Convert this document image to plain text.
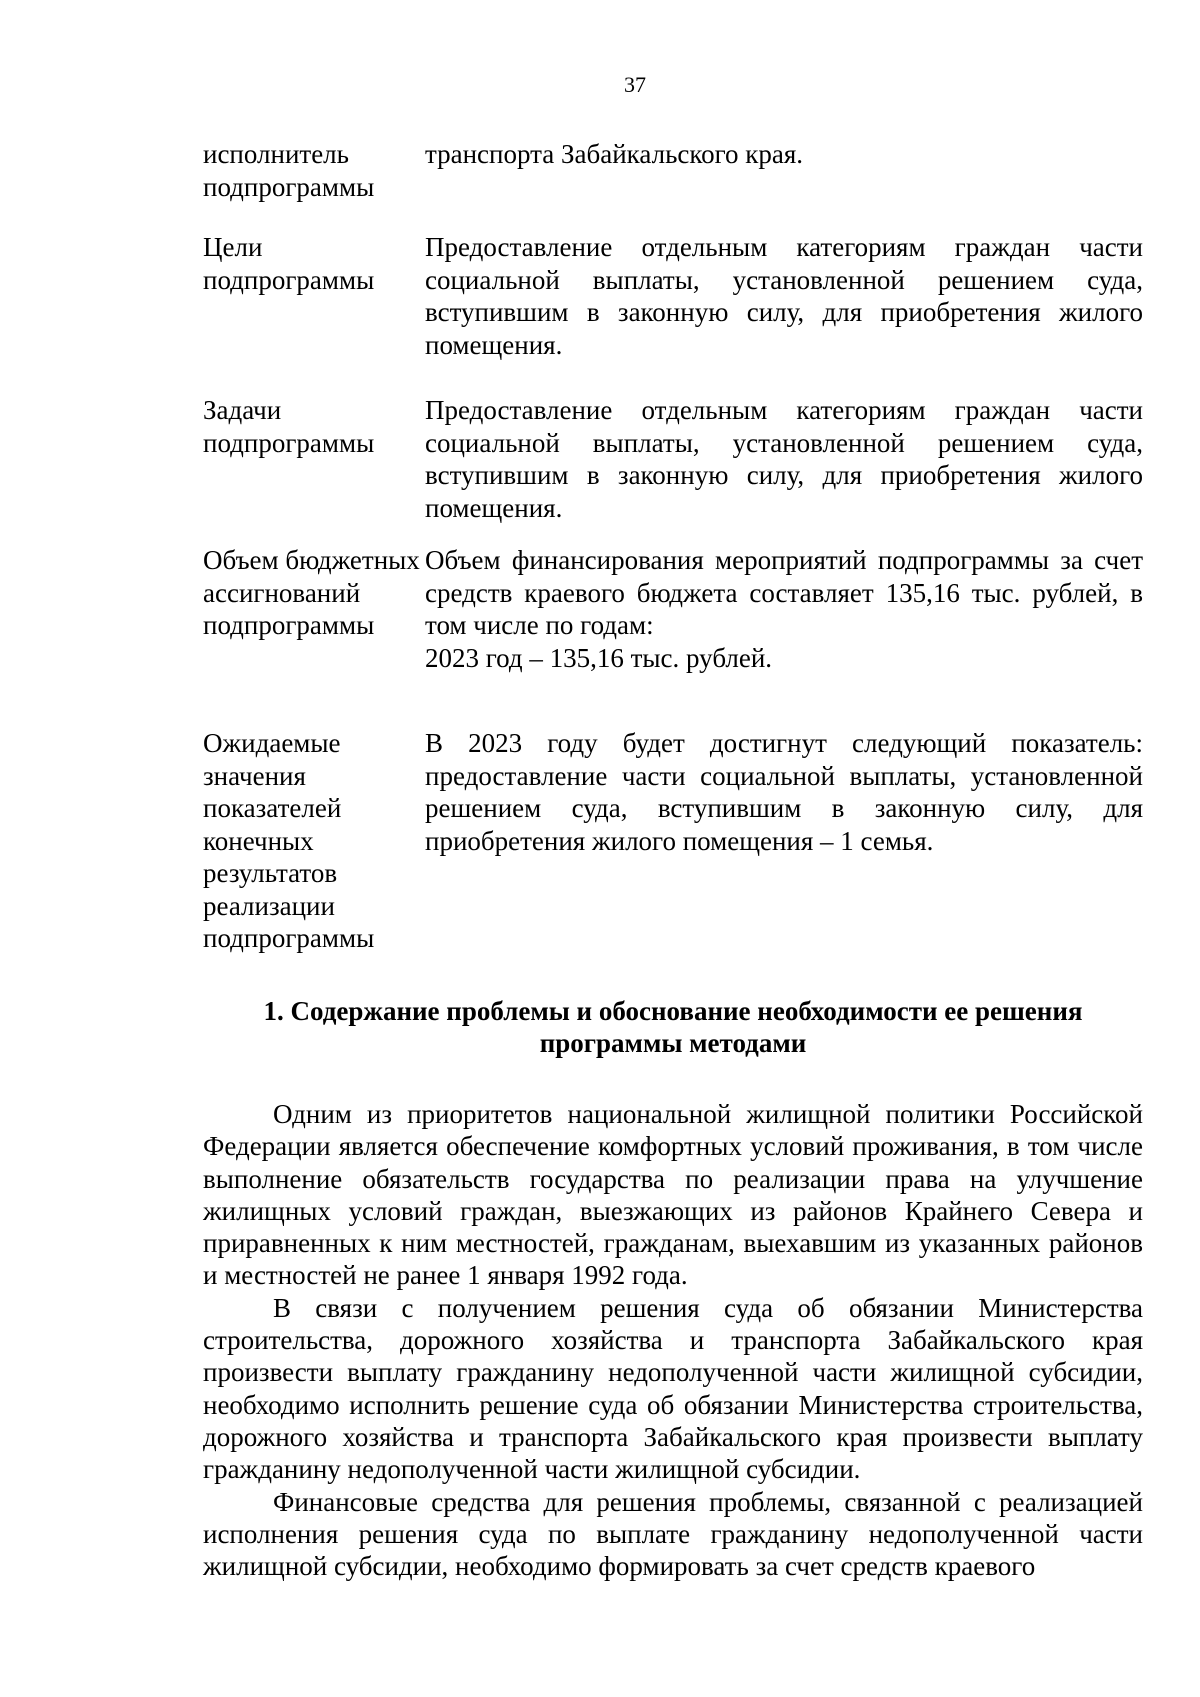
37
исполнитель подпрограммы
транспорта Забайкальского края.
Цели подпрограммы
Предоставление отдельным категориям граждан части социальной выплаты, установленной решением суда, вступившим в законную силу, для приобретения жилого помещения.
Задачи подпрограммы
Предоставление отдельным категориям граждан части социальной выплаты, установленной решением суда, вступившим в законную силу, для приобретения жилого помещения.
Объем бюджетных ассигнований подпрограммы
Объем финансирования мероприятий подпрограммы за счет средств краевого бюджета составляет 135,16 тыс. рублей, в том числе по годам:
2023 год – 135,16 тыс. рублей.
Ожидаемые значения показателей конечных результатов реализации подпрограммы
В 2023 году будет достигнут следующий показатель: предоставление части социальной выплаты, установленной решением суда, вступившим в законную силу, для приобретения жилого помещения – 1 семья.
1. Содержание проблемы и обоснование необходимости ее решения
программы методами

Одним из приоритетов национальной жилищной политики Российской Федерации является обеспечение комфортных условий проживания, в том числе выполнение обязательств государства по реализации права на улучшение жилищных условий граждан, выезжающих из районов Крайнего Севера и приравненных к ним местностей, гражданам, выехавшим из указанных районов и местностей не ранее 1 января 1992 года.

В связи с получением решения суда об обязании Министерства строительства, дорожного хозяйства и транспорта Забайкальского края произвести выплату гражданину недополученной части жилищной субсидии, необходимо исполнить решение суда об обязании Министерства строительства, дорожного хозяйства и транспорта Забайкальского края произвести выплату гражданину недополученной части жилищной субсидии.

Финансовые средства для решения проблемы, связанной с реализацией исполнения решения суда по выплате гражданину недополученной части жилищной субсидии, необходимо формировать за счет средств краевого
